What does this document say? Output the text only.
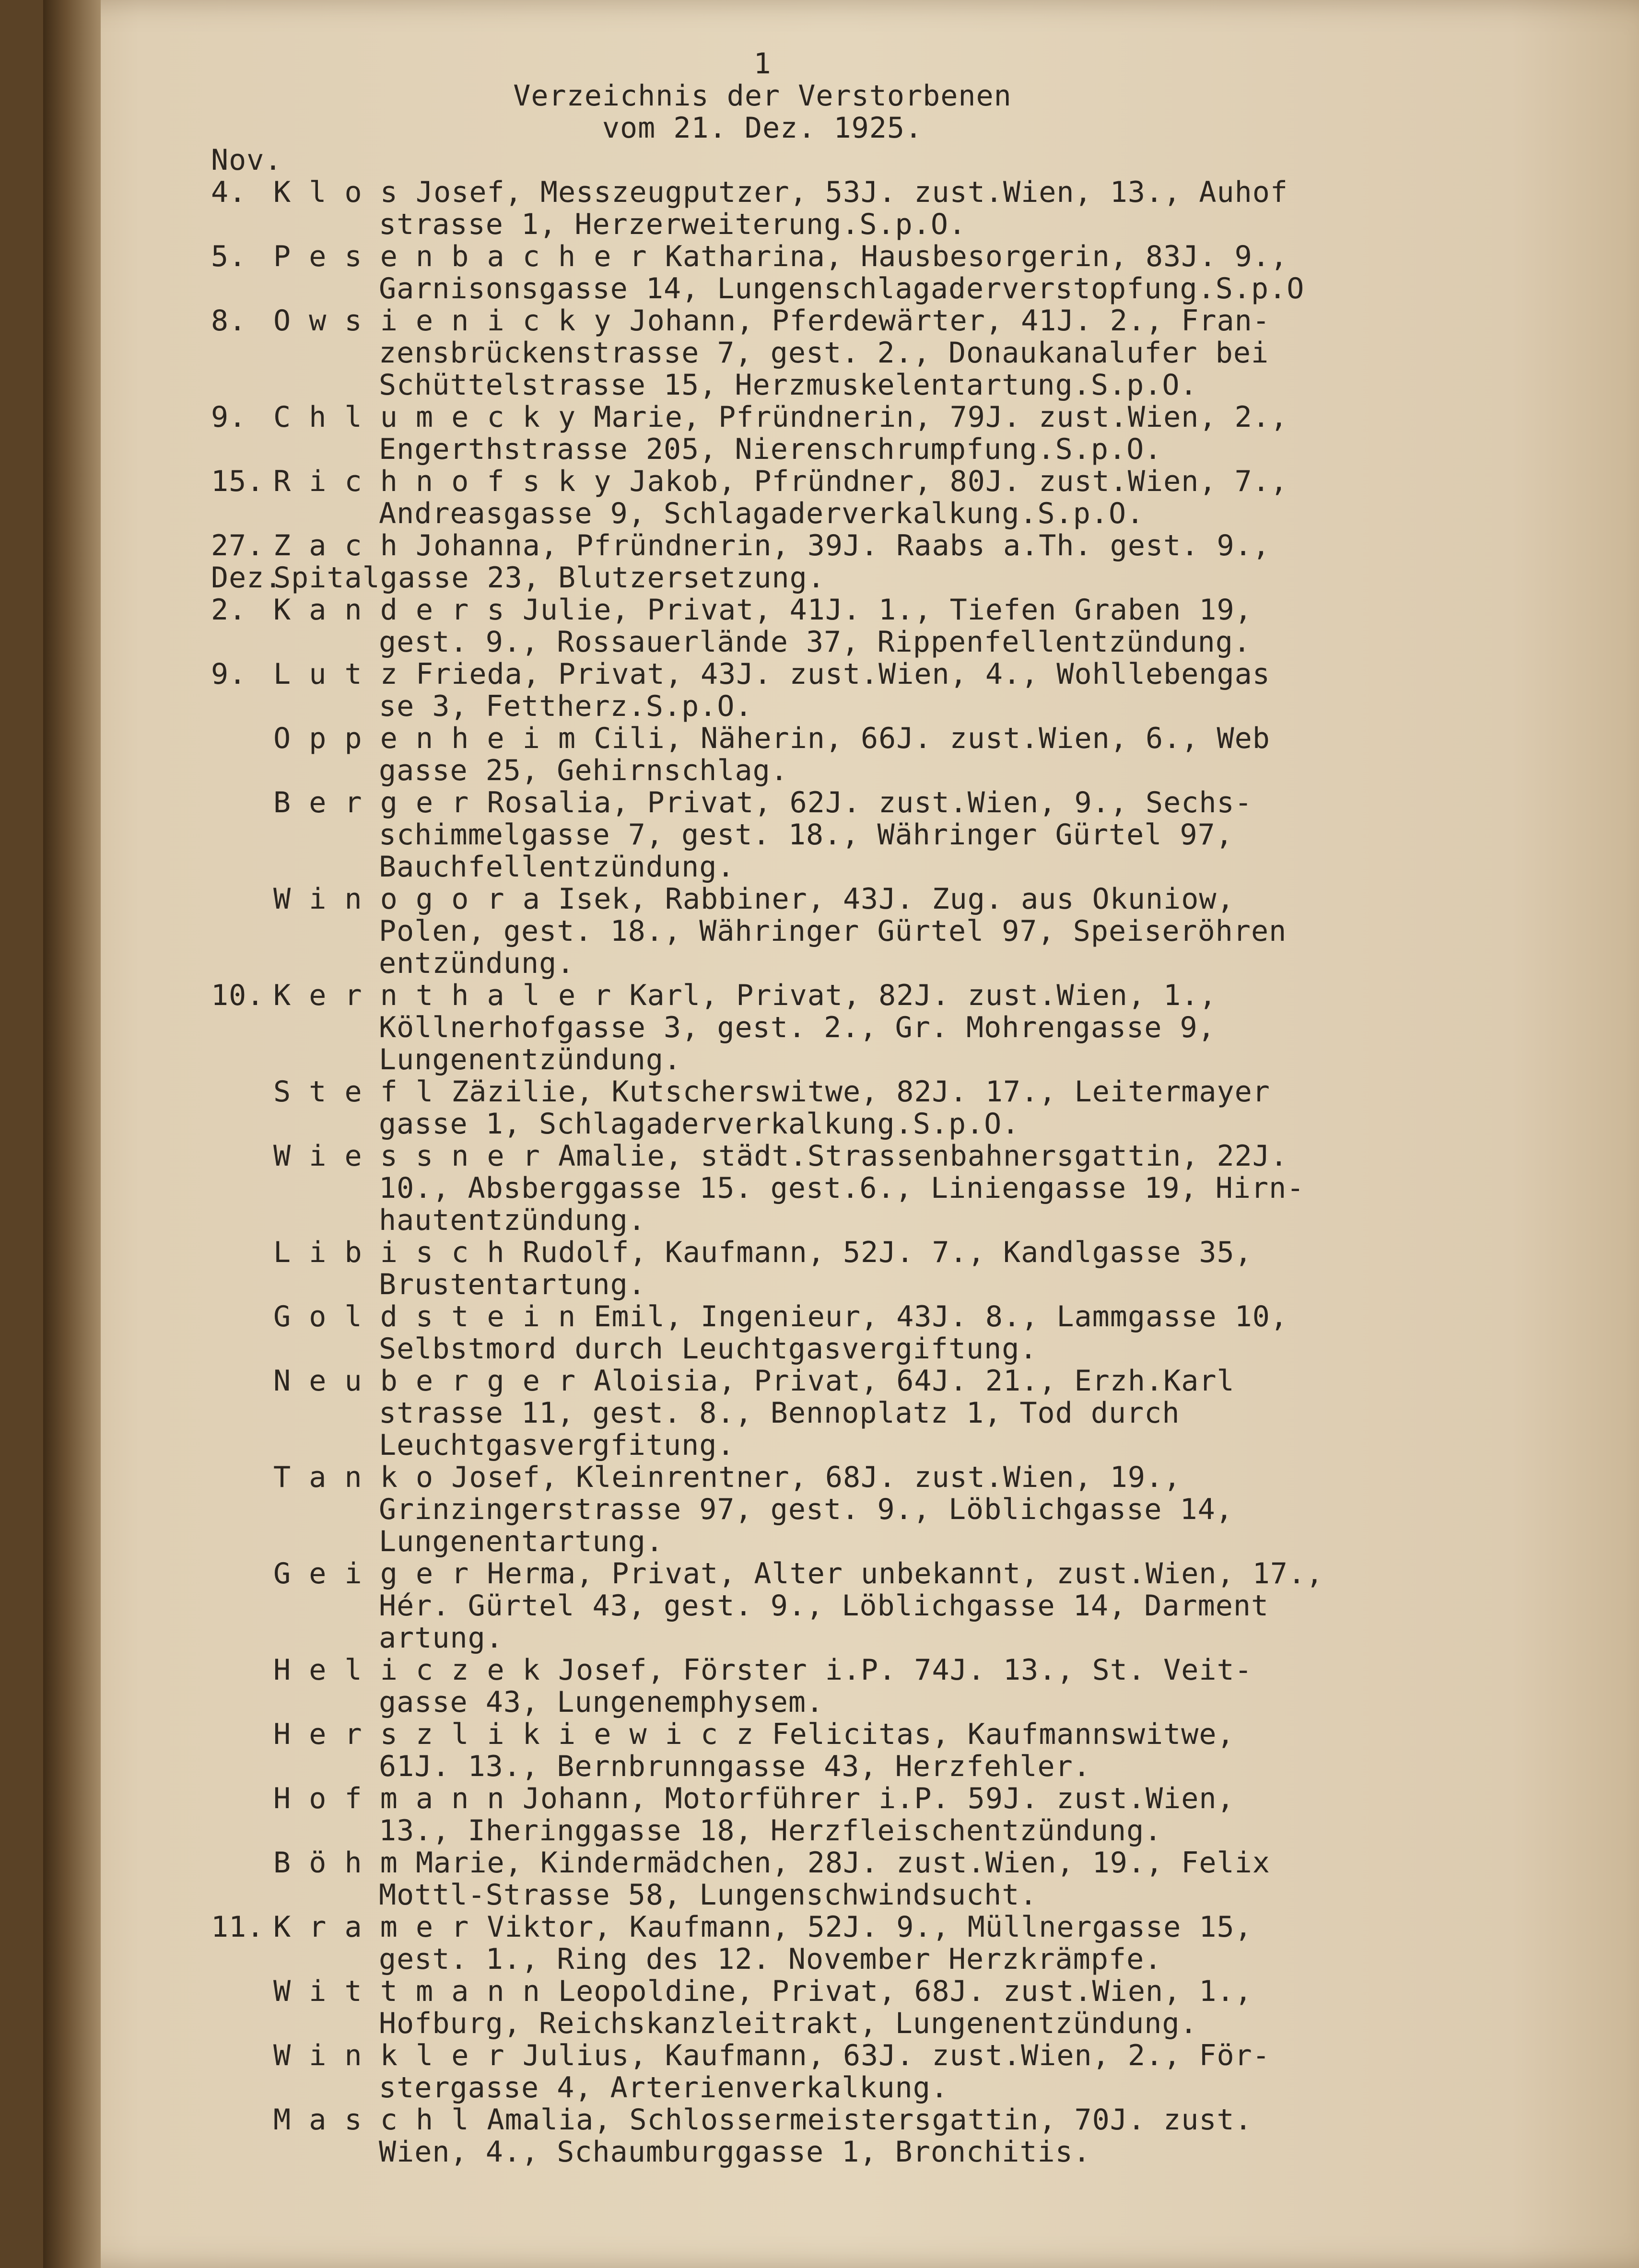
1
Verzeichnis der Verstorbenen
vom 21. Dez. 1925.
Nov.
4. K l o s Josef, Messzeugputzer, 53J. zust.Wien, 13., Auhof
strasse 1, Herzerweiterung.S.p.O.
5. P e s e n b a c h e r Katharina, Hausbesorgerin, 83J. 9.,
Garnisonsgasse 14, Lungenschlagaderverstopfung.S.p.O
8. O w s i e n i c k y Johann, Pferdewärter, 41J. 2., Fran-
zensbrückenstrasse 7, gest. 2., Donaukanalufer bei
Schüttelstrasse 15, Herzmuskelentartung.S.p.O.
9. C h l u m e c k y Marie, Pfründnerin, 79J. zust.Wien, 2.,
Engerthstrasse 205, Nierenschrumpfung.S.p.O.
15. R i c h n o f s k y Jakob, Pfründner, 80J. zust.Wien, 7.,
Andreasgasse 9, Schlagaderverkalkung.S.p.O.
27. Z a c h Johanna, Pfründnerin, 39J. Raabs a.Th. gest. 9.,
Dez.
Spitalgasse 23, Blutzersetzung.
2. K a n d e r s Julie, Privat, 41J. 1., Tiefen Graben 19,
gest. 9., Rossauerlände 37, Rippenfellentzündung.
9. L u t z Frieda, Privat, 43J. zust.Wien, 4., Wohllebengas
se 3, Fettherz.S.p.O.
O p p e n h e i m Cili, Näherin, 66J. zust.Wien, 6., Web
gasse 25, Gehirnschlag.
B e r g e r Rosalia, Privat, 62J. zust.Wien, 9., Sechs-
schimmelgasse 7, gest. 18., Währinger Gürtel 97,
Bauchfellentzündung.
W i n o g o r a Isek, Rabbiner, 43J. Zug. aus Okuniow,
Polen, gest. 18., Währinger Gürtel 97, Speiseröhren
entzündung.
10. K e r n t h a l e r Karl, Privat, 82J. zust.Wien, 1.,
Köllnerhofgasse 3, gest. 2., Gr. Mohrengasse 9,
Lungenentzündung.
S t e f l Zäzilie, Kutscherswitwe, 82J. 17., Leitermayer
gasse 1, Schlagaderverkalkung.S.p.O.
W i e s s n e r Amalie, städt.Strassenbahnersgattin, 22J.
10., Absberggasse 15. gest.6., Liniengasse 19, Hirn-
hautentzündung.
L i b i s c h Rudolf, Kaufmann, 52J. 7., Kandlgasse 35,
Brustentartung.
G o l d s t e i n Emil, Ingenieur, 43J. 8., Lammgasse 10,
Selbstmord durch Leuchtgasvergiftung.
N e u b e r g e r Aloisia, Privat, 64J. 21., Erzh.Karl
strasse 11, gest. 8., Bennoplatz 1, Tod durch
Leuchtgasvergfitung.
T a n k o Josef, Kleinrentner, 68J. zust.Wien, 19.,
Grinzingerstrasse 97, gest. 9., Löblichgasse 14,
Lungenentartung.
G e i g e r Herma, Privat, Alter unbekannt, zust.Wien, 17.,
Hér. Gürtel 43, gest. 9., Löblichgasse 14, Darment
artung.
H e l i c z e k Josef, Förster i.P. 74J. 13., St. Veit-
gasse 43, Lungenemphysem.
H e r s z l i k i e w i c z Felicitas, Kaufmannswitwe,
61J. 13., Bernbrunngasse 43, Herzfehler.
H o f m a n n Johann, Motorführer i.P. 59J. zust.Wien,
13., Iheringgasse 18, Herzfleischentzündung.
B ö h m Marie, Kindermädchen, 28J. zust.Wien, 19., Felix
Mottl-Strasse 58, Lungenschwindsucht.
11. K r a m e r Viktor, Kaufmann, 52J. 9., Müllnergasse 15,
gest. 1., Ring des 12. November Herzkrämpfe.
W i t t m a n n Leopoldine, Privat, 68J. zust.Wien, 1.,
Hofburg, Reichskanzleitrakt, Lungenentzündung.
W i n k l e r Julius, Kaufmann, 63J. zust.Wien, 2., För-
stergasse 4, Arterienverkalkung.
M a s c h l Amalia, Schlossermeistersgattin, 70J. zust.
Wien, 4., Schaumburggasse 1, Bronchitis.
